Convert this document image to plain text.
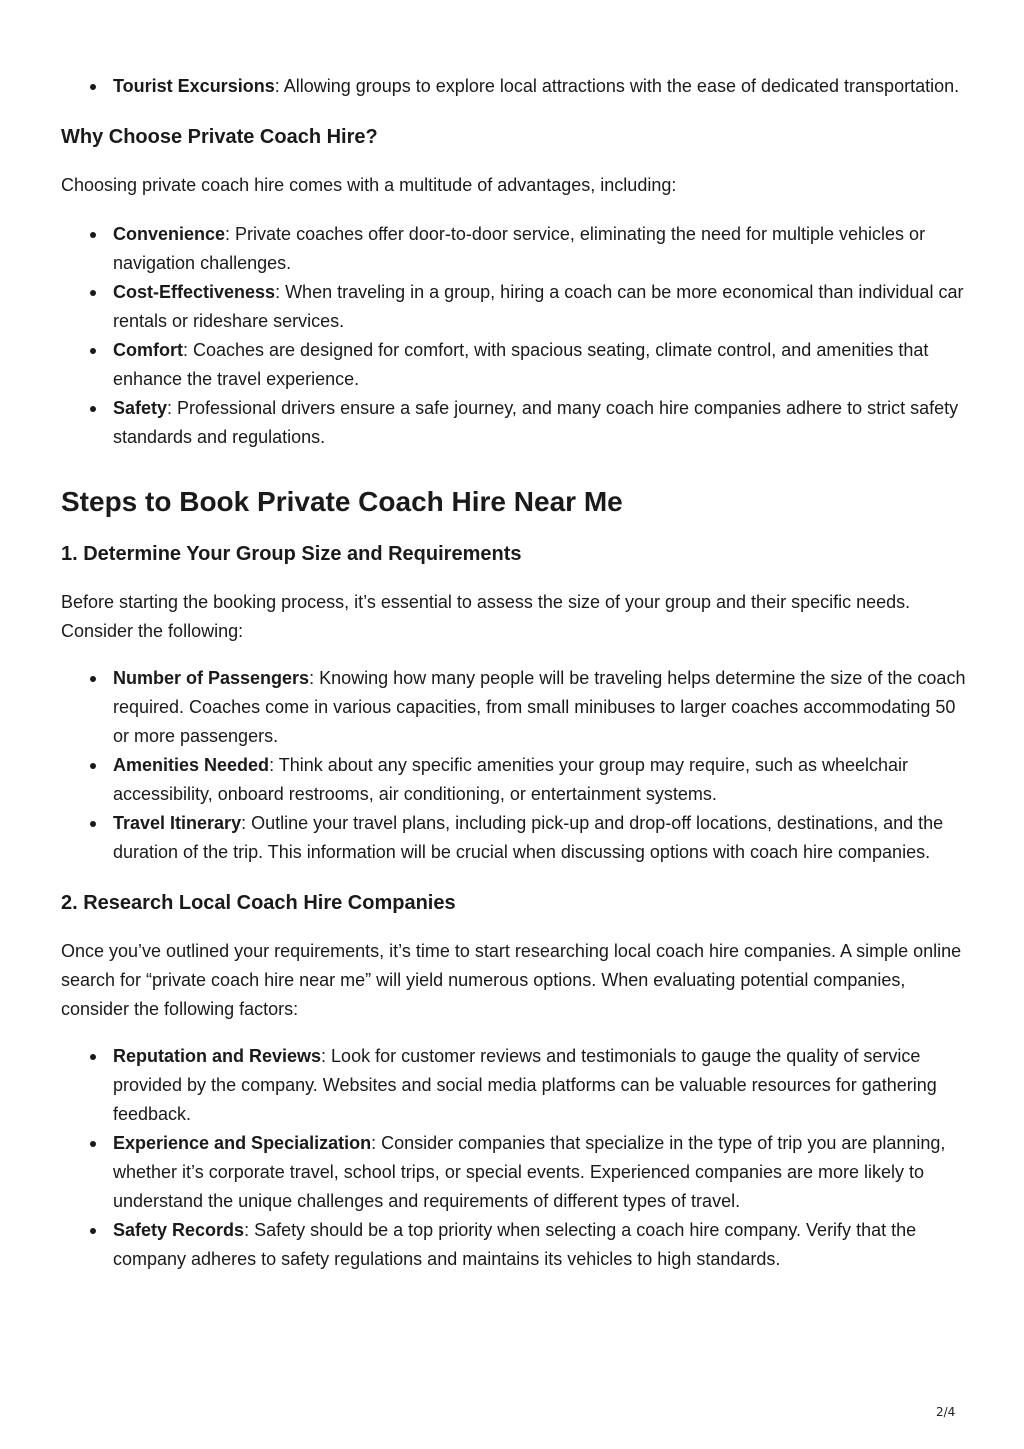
Tourist Excursions: Allowing groups to explore local attractions with the ease of dedicated transportation.
Why Choose Private Coach Hire?

Choosing private coach hire comes with a multitude of advantages, including:

Convenience: Private coaches offer door-to-door service, eliminating the need for multiple vehicles or navigation challenges.
Cost-Effectiveness: When traveling in a group, hiring a coach can be more economical than individual car rentals or rideshare services.
Comfort: Coaches are designed for comfort, with spacious seating, climate control, and amenities that enhance the travel experience.
Safety: Professional drivers ensure a safe journey, and many coach hire companies adhere to strict safety standards and regulations.
Steps to Book Private Coach Hire Near Me
1. Determine Your Group Size and Requirements

Before starting the booking process, it’s essential to assess the size of your group and their specific needs. Consider the following:

Number of Passengers: Knowing how many people will be traveling helps determine the size of the coach required. Coaches come in various capacities, from small minibuses to larger coaches accommodating 50 or more passengers.
Amenities Needed: Think about any specific amenities your group may require, such as wheelchair accessibility, onboard restrooms, air conditioning, or entertainment systems.
Travel Itinerary: Outline your travel plans, including pick-up and drop-off locations, destinations, and the duration of the trip. This information will be crucial when discussing options with coach hire companies.
2. Research Local Coach Hire Companies

Once you’ve outlined your requirements, it’s time to start researching local coach hire companies. A simple online search for “private coach hire near me” will yield numerous options. When evaluating potential companies, consider the following factors:

Reputation and Reviews: Look for customer reviews and testimonials to gauge the quality of service provided by the company. Websites and social media platforms can be valuable resources for gathering feedback.
Experience and Specialization: Consider companies that specialize in the type of trip you are planning, whether it’s corporate travel, school trips, or special events. Experienced companies are more likely to understand the unique challenges and requirements of different types of travel.
Safety Records: Safety should be a top priority when selecting a coach hire company. Verify that the company adheres to safety regulations and maintains its vehicles to high standards.
2/4
